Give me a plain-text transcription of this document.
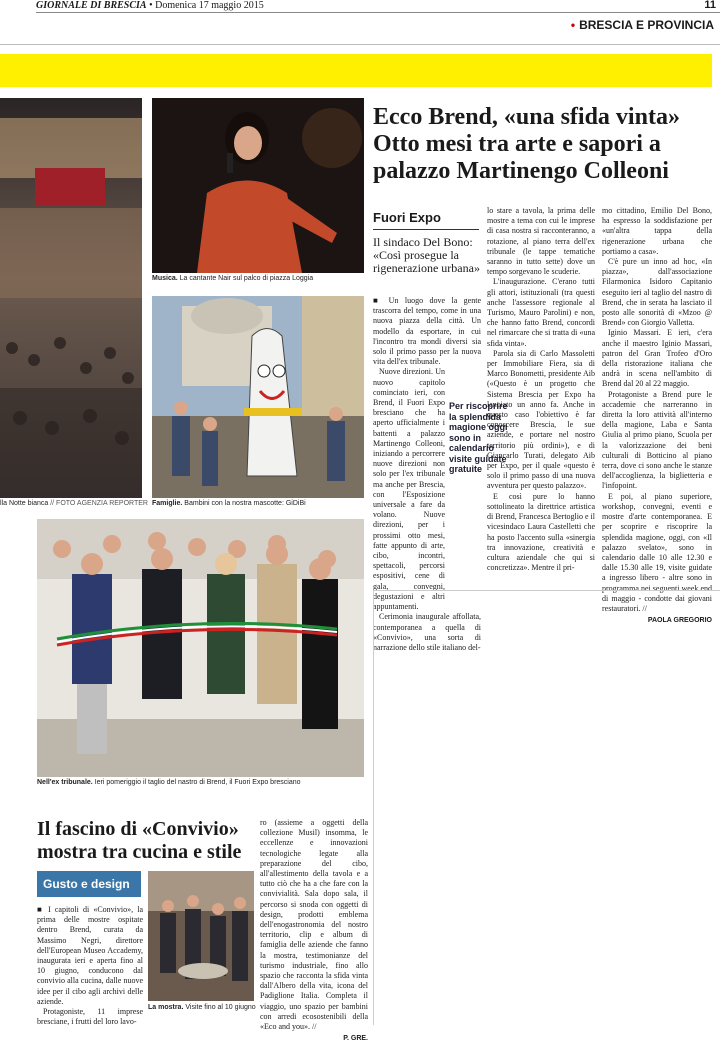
GIORNALE DI BRESCIA • Domenica 17 maggio 2015	11
• BRESCIA E PROVINCIA
lla Notte bianca // FOTO AGENZIA REPORTER
Musica. La cantante Nair sul palco di piazza Loggia
Famiglie. Bambini con la nostra mascotte: GiDiBi
Nell'ex tribunale. Ieri pomeriggio il taglio del nastro di Brend, il Fuori Expo bresciano
Ecco Brend, «una sfida vinta» Otto mesi tra arte e sapori a palazzo Martinengo Colleoni
Fuori Expo
Il sindaco Del Bono: «Così prosegue la rigenerazione urbana»

■ Un luogo dove la gente trascorra del tempo, come in una nuova piazza della città. Un modello da esportare, in cui l'incontro tra mondi diversi sia solo il primo passo per la nuova vita dell'ex tribunale.

Nuove direzioni. Un nuovo capitolo cominciato ieri, con Brend, il Fuori Expo bresciano che ha aperto ufficialmente i battenti a palazzo Martinengo Colleoni, iniziando a percorrere nuove direzioni non solo per l'ex tribunale ma anche per Brescia, con l'Esposizione universale a fare da volano. Nuove direzioni, per i prossimi otto mesi, fatte appunto di arte, cibo, incontri, spettacoli, percorsi espositivi, cene di gala, convegni, degustazioni e altri appuntamenti.

Cerimonia inaugurale affollata, contemporanea a quella di «Convivio», una sorta di narrazione dello stile italiano del-

Per riscoprire la splendida magione oggi sono in calendario visite guidate gratuite

lo stare a tavola, la prima delle mostre a tema con cui le imprese di casa nostra si racconteranno, a rotazione, al piano terra dell'ex tribunale (le tappe tematiche saranno in tutto sette) dove un tempo sorgevano le scuderie.

L'inaugurazione. C'erano tutti gli attori, istituzionali (tra questi anche l'assessore regionale al Turismo, Mauro Parolini) e non, che hanno fatto Brend, concordi nel rimarcare che si tratta di «una sfida vinta».

Parola sia di Carlo Massoletti per Immobiliare Fiera, sia di Marco Bonometti, presidente Aib («Questo è un progetto che Sistema Brescia per Expo ha lanciato un anno fa. Anche in questo caso l'obiettivo è far conoscere Brescia, le sue aziende, e portare nel nostro territorio più ordini»), e di Giancarlo Turati, delegato Aib per Expo, per il quale «questo è solo il primo passo di una nuova avventura per questo palazzo».

E così pure lo hanno sottolineato la direttrice artistica di Brend, Francesca Bertoglio e il vicesindaco Laura Castelletti che ha posto l'accento sulla «sinergia tra innovazione, creatività e cultura aziendale che qui si concretizza». Mentre il pri-

mo cittadino, Emilio Del Bono, ha espresso la soddisfazione per «un'altra tappa della rigenerazione urbana che portiamo a casa».

C'è pure un inno ad hoc, «In piazza», dall'associazione Filarmonica Isidoro Capitanio eseguito ieri al taglio del nastro di Brend, che in serata ha lasciato il posto alle sonorità di «Mzoo @ Brend» con Giorgio Valletta.

Iginio Massari. E ieri, c'era anche il maestro Iginio Massari, patron del Gran Trofeo d'Oro della ristorazione italiana che andrà in scena nell'ambito di Brend dal 20 al 22 maggio.

Protagoniste a Brend pure le accademie che narreranno in diretta la loro attività all'interno della magione, Laba e Santa Giulia al primo piano, Scuola per la valorizzazione dei beni culturali di Botticino al piano terra, dove ci sono anche le stanze dell'accoglienza, la biglietteria e l'infopoint.

E poi, al piano superiore, workshop, convegni, eventi e mostre d'arte contemporanea. E per scoprire e riscoprire la splendida magione, oggi, con «Il palazzo svelato», sono in calendario dalle 10 alle 12.30 e dalle 15.30 alle 19, visite guidate a ingresso libero - altre sono in programma nei seguenti week end di maggio - condotte dai giovani restauratori. //

PAOLA GREGORIO
Il fascino di «Convivio» mostra tra cucina e stile
Gusto e design

■ I capitoli di «Convivio», la prima delle mostre ospitate dentro Brend, curata da Massimo Negri, direttore dell'European Museo Accademy, inaugurata ieri e aperta fino al 10 giugno, conducono dal convivio alla cucina, dalle nuove idee per il cibo agli archivi delle aziende.

Protagoniste, 11 imprese bresciane, i frutti del loro lavo-

La mostra. Visite fino al 10 giugno

ro (assieme a oggetti della collezione Musil) insomma, le eccellenze e innovazioni tecnologiche legate alla preparazione del cibo, all'allestimento della tavola e a tutto ciò che ha a che fare con la convivialità. Sala dopo sala, il percorso si snoda con oggetti di design, prodotti emblema dell'enogastronomia del nostro territorio, clip e album di famiglia delle aziende che fanno la mostra, testimonianze del turismo industriale, fino allo spazio che racconta la sfida vinta dall'Albero della vita, icona del Padiglione Italia. Completa il viaggio, uno spazio per bambini con arredi ecosostenibili della «Eco and you». //

P. GRE.
